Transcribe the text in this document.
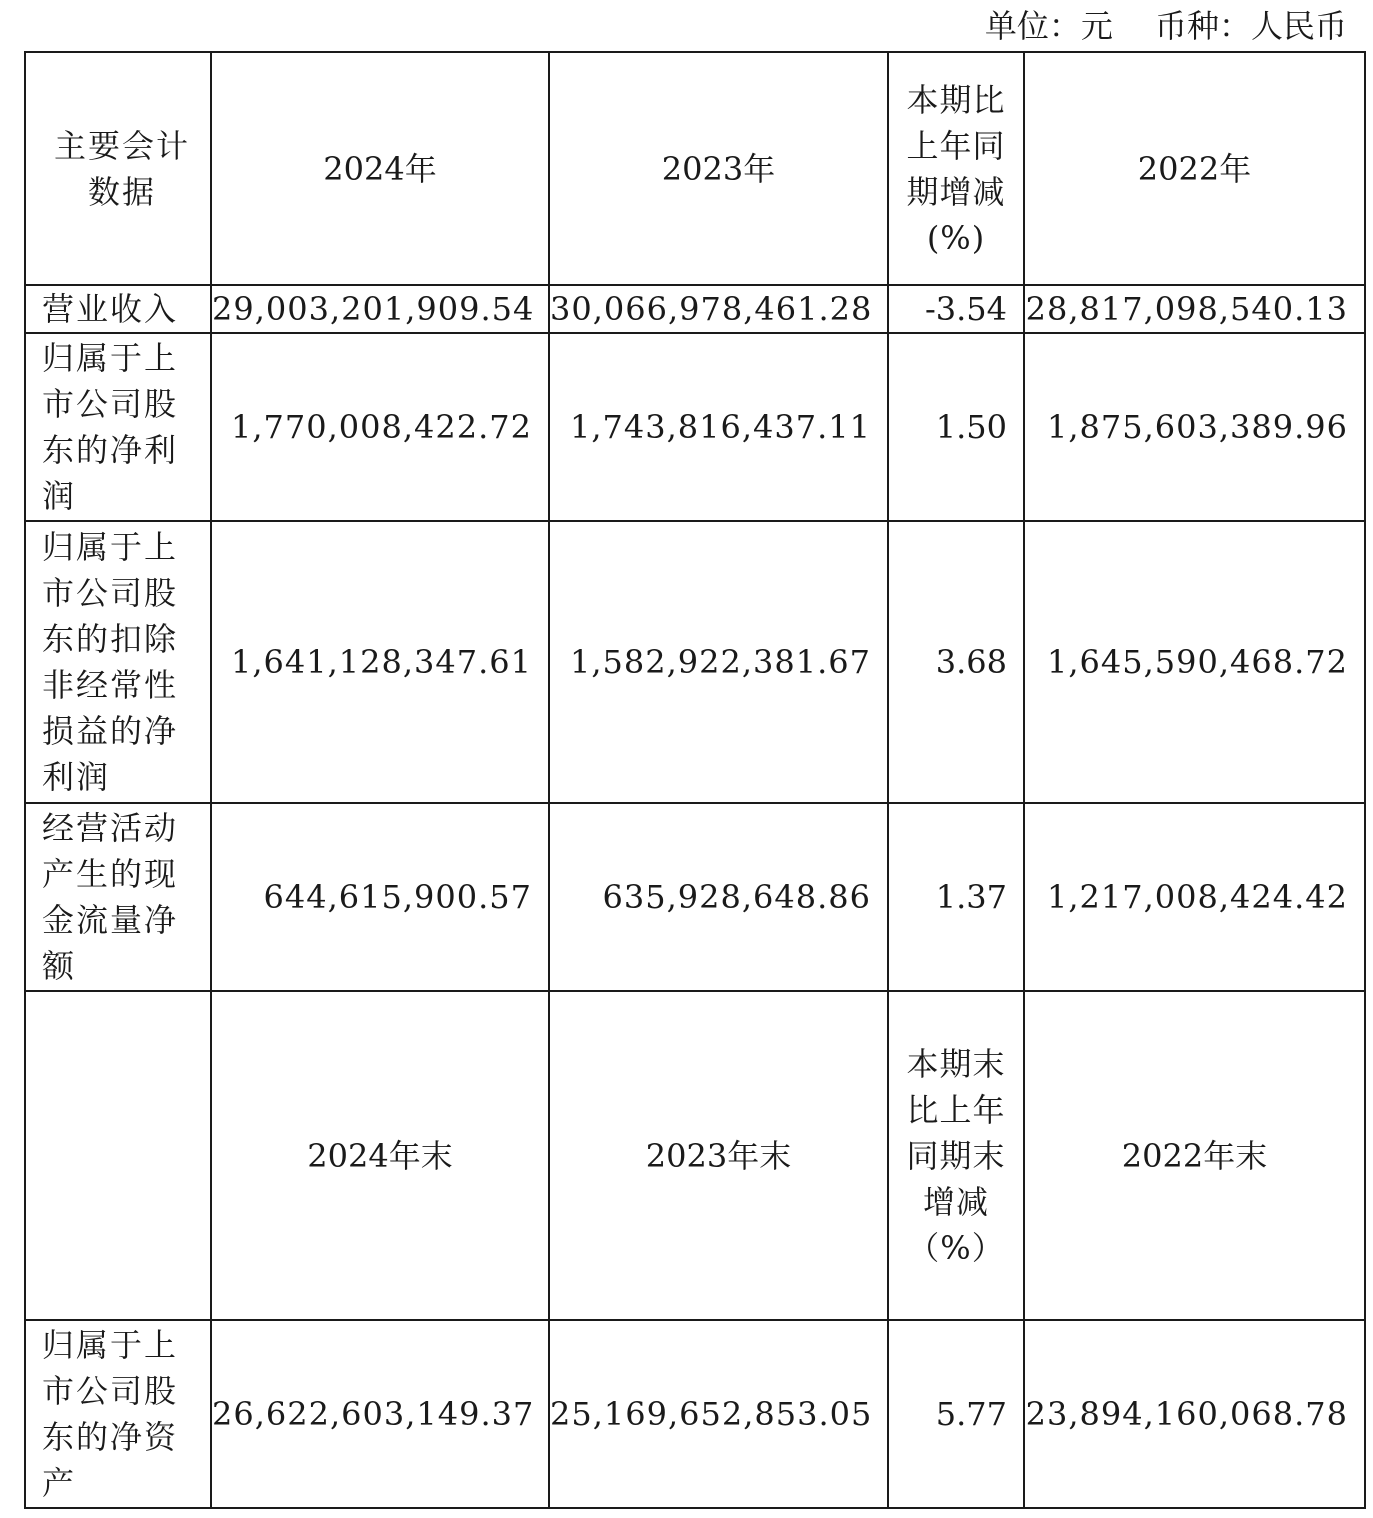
单位：元　 币种：人民币
主要会计数据	2024年	2023年	本期比上年同期增减(%)	2022年
营业收入	29,003,201,909.54	30,066,978,461.28	-3.54	28,817,098,540.13
归属于上市公司股东的净利润	1,770,008,422.72	1,743,816,437.11	1.50	1,875,603,389.96
归属于上市公司股东的扣除非经常性损益的净利润	1,641,128,347.61	1,582,922,381.67	3.68	1,645,590,468.72
经营活动产生的现金流量净额	644,615,900.57	635,928,648.86	1.37	1,217,008,424.42
	2024年末	2023年末	本期末比上年同期末增减（%）	2022年末
归属于上市公司股东的净资产	26,622,603,149.37	25,169,652,853.05	5.77	23,894,160,068.78
